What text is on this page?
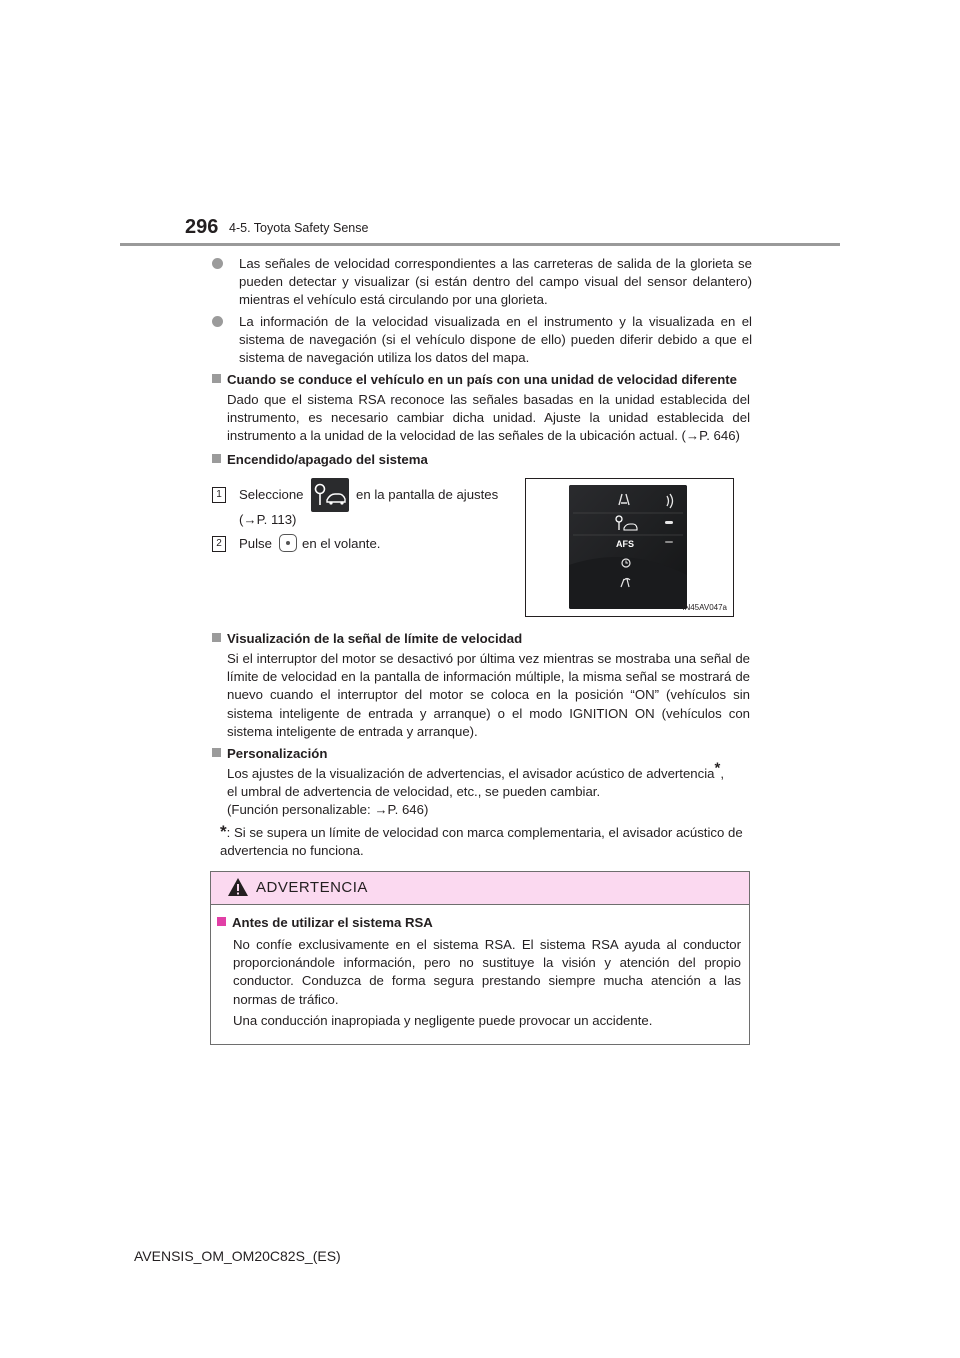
296 4-5. Toyota Safety Sense
Las señales de velocidad correspondientes a las carreteras de salida de la glorieta se pueden detectar y visualizar (si están dentro del campo visual del sensor delantero) mientras el vehículo está circulando por una glorieta.
La información de la velocidad visualizada en el instrumento y la visualizada en el sistema de navegación (si el vehículo dispone de ello) pueden diferir debido a que el sistema de navegación utiliza los datos del mapa.
Cuando se conduce el vehículo en un país con una unidad de velocidad diferente
Dado que el sistema RSA reconoce las señales basadas en la unidad establecida del instrumento, es necesario cambiar dicha unidad. Ajuste la unidad establecida del instrumento a la unidad de la velocidad de las señales de la ubicación actual. (→P. 646)
Encendido/apagado del sistema
1	Seleccione	en la pantalla de ajustes
(→P. 113)
2	Pulse en el volante.	AFS
IN45AV047a
Visualización de la señal de límite de velocidad
Si el interruptor del motor se desactivó por última vez mientras se mostraba una señal de límite de velocidad en la pantalla de información múltiple, la misma señal se mostrará de nuevo cuando el interruptor del motor se coloca en la posición “ON” (vehículos sin sistema inteligente de entrada y arranque) o el modo IGNITION ON (vehículos con sistema inteligente de entrada y arranque).
Personalización
Los ajustes de la visualización de advertencias, el avisador acústico de advertencia*,
el umbral de advertencia de velocidad, etc., se pueden cambiar.
(Función personalizable: →P. 646)
*: Si se supera un límite de velocidad con marca complementaria, el avisador acústico de advertencia no funciona.
ADVERTENCIA
Antes de utilizar el sistema RSA
No confíe exclusivamente en el sistema RSA. El sistema RSA ayuda al conductor proporcionándole información, pero no sustituye la visión y atención del propio conductor. Conduzca de forma segura prestando siempre mucha atención a las normas de tráfico.
Una conducción inapropiada y negligente puede provocar un accidente.
AVENSIS_OM_OM20C82S_(ES)
